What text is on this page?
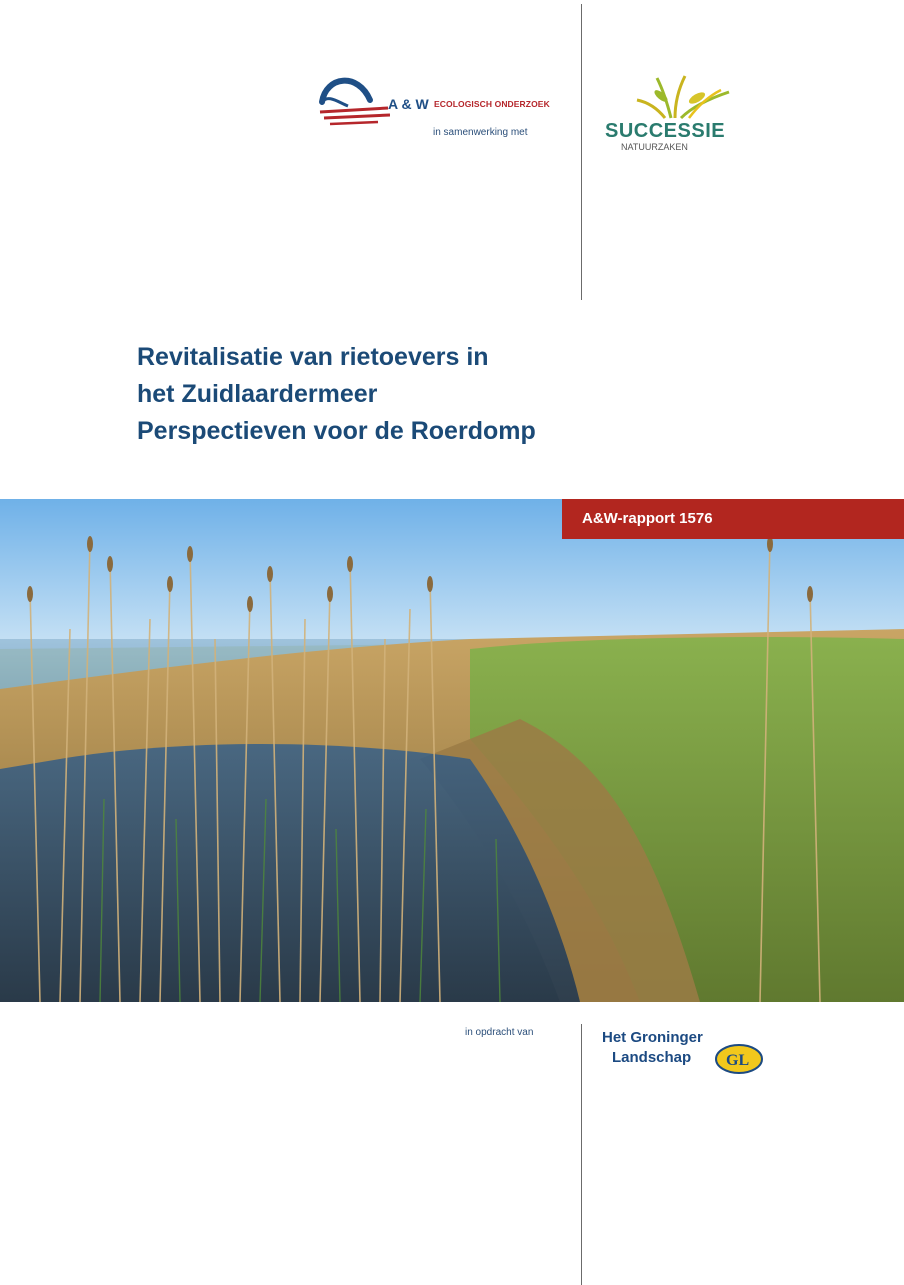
A & W ECOLOGISCH ONDERZOEK
in samenwerking met	SUCCESSIE
NATUURZAKEN
Revitalisatie van rietoevers in
het Zuidlaardermeer
Perspectieven voor de Roerdomp
A&W-rapport 1576
in opdracht van	Het Groninger
Landschap GL
